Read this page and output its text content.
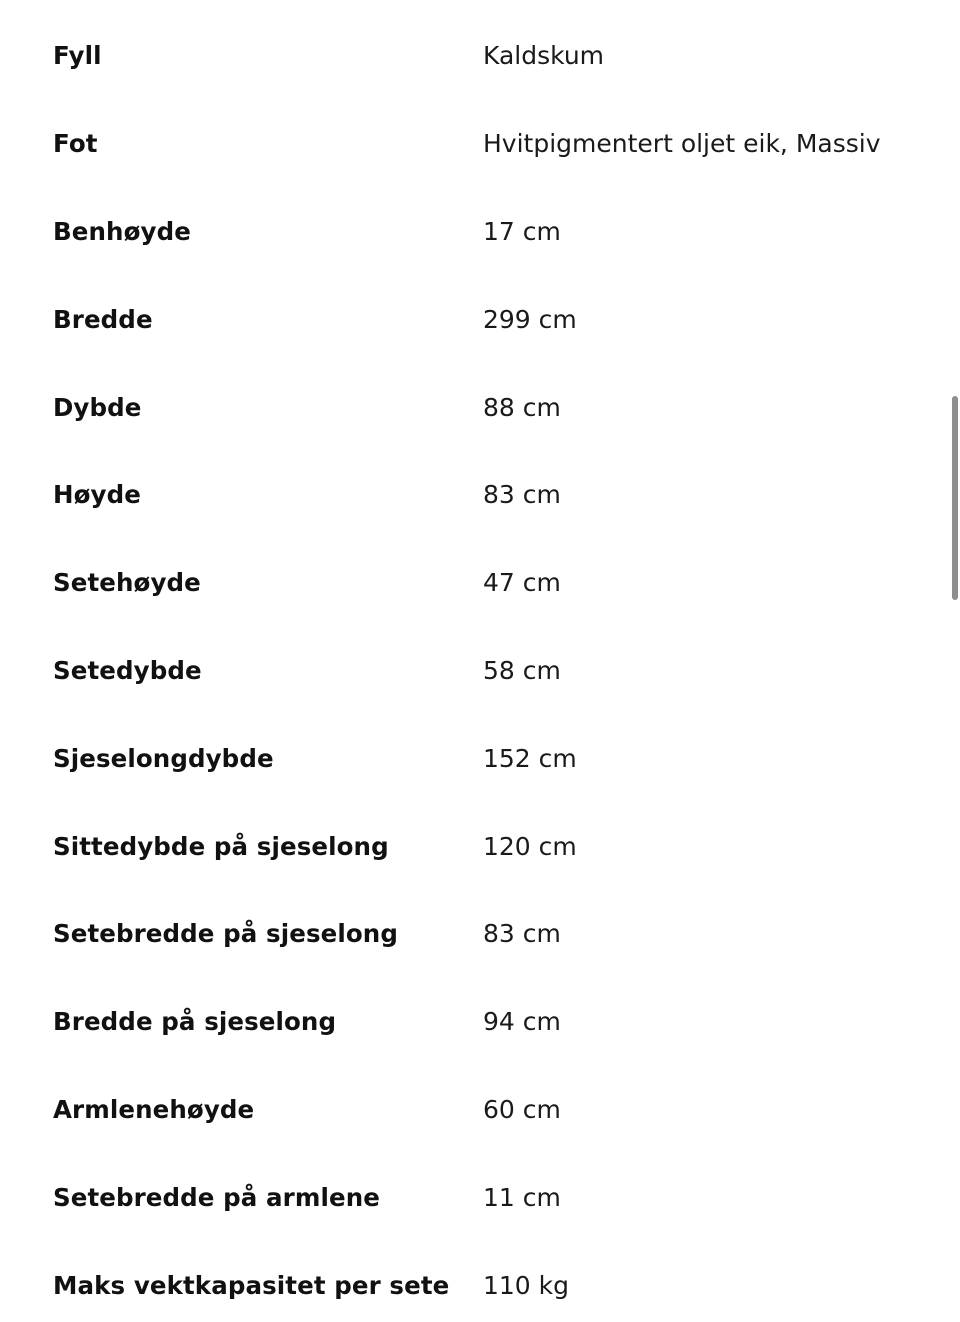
Fyll	Kaldskum
Fot	Hvitpigmentert oljet eik, Massiv
Benhøyde	17 cm
Bredde	299 cm
Dybde	88 cm
Høyde	83 cm
Setehøyde	47 cm
Setedybde	58 cm
Sjeselongdybde	152 cm
Sittedybde på sjeselong	120 cm
Setebredde på sjeselong	83 cm
Bredde på sjeselong	94 cm
Armlenehøyde	60 cm
Setebredde på armlene	11 cm
Maks vektkapasitet per sete	110 kg
